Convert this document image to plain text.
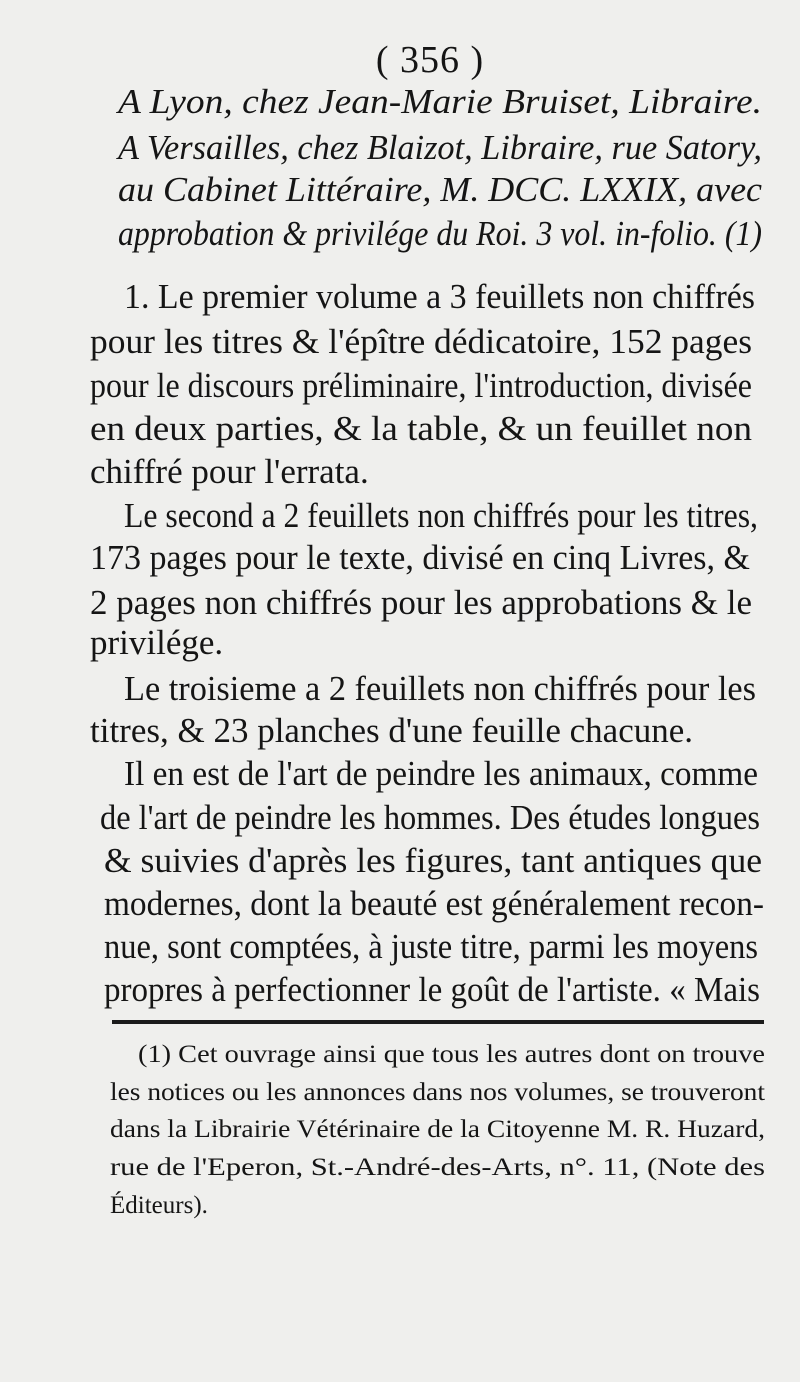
( 356 )
A Lyon, chez Jean-Marie Bruiset, Libraire.
A Versailles, chez Blaizot, Libraire, rue Satory,
au Cabinet Littéraire, M. DCC. LXXIX, avec
approbation & privilége du Roi. 3 vol. in-folio. (1)
1. Le premier volume a 3 feuillets non chiffrés
pour les titres & l'épître dédicatoire, 152 pages
pour le discours préliminaire, l'introduction, divisée
en deux parties, & la table, & un feuillet non
chiffré pour l'errata.
Le second a 2 feuillets non chiffrés pour les titres,
173 pages pour le texte, divisé en cinq Livres, &
2 pages non chiffrés pour les approbations & le
privilége.
Le troisieme a 2 feuillets non chiffrés pour les
titres, & 23 planches d'une feuille chacune.
Il en est de l'art de peindre les animaux, comme
de l'art de peindre les hommes. Des études longues
& suivies d'après les figures, tant antiques que
modernes, dont la beauté est généralement recon-
nue, sont comptées, à juste titre, parmi les moyens
propres à perfectionner le goût de l'artiste. « Mais
(1) Cet ouvrage ainsi que tous les autres dont on trouve
les notices ou les annonces dans nos volumes, se trouveront
dans la Librairie Vétérinaire de la Citoyenne M. R. Huzard,
rue de l'Eperon, St.-André-des-Arts, n°. 11, (Note des
Éditeurs).
